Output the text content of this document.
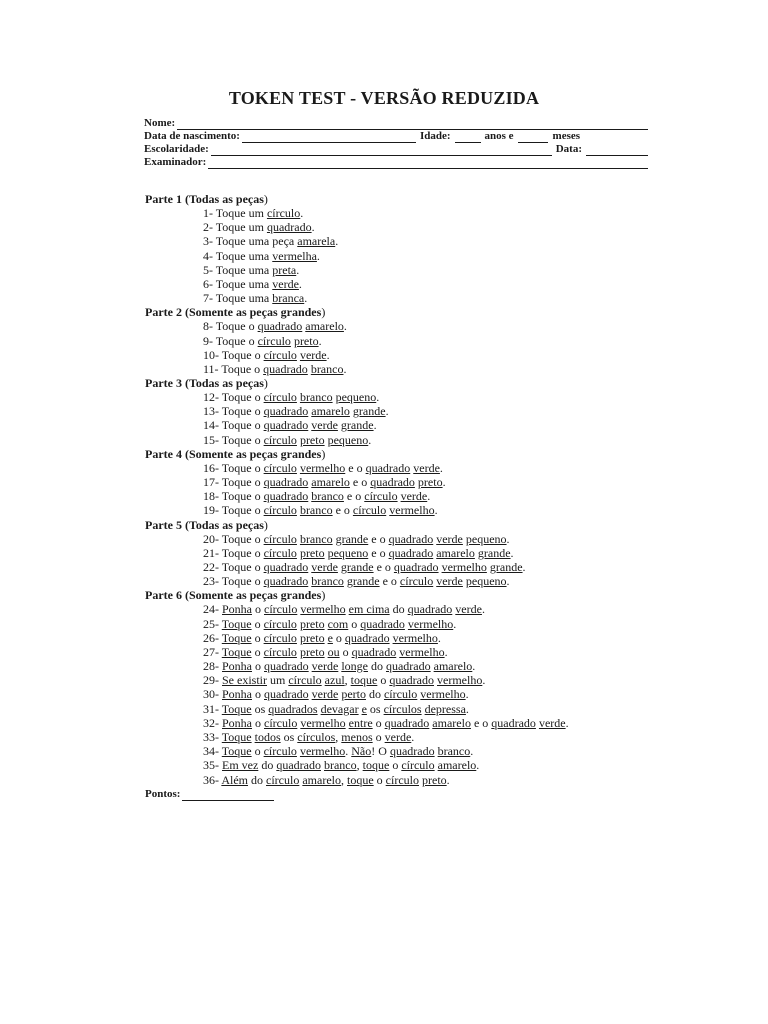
TOKEN TEST - VERSÃO REDUZIDA
Nome:
Data de nascimento:	Idade:	anos e	meses
Escolaridade:	Data:
Examinador:
Parte 1 (Todas as peças)
1- Toque um círculo.
2- Toque um quadrado.
3- Toque uma peça amarela.
4- Toque uma vermelha.
5- Toque uma preta.
6- Toque uma verde.
7- Toque uma branca.
Parte 2 (Somente as peças grandes)
8- Toque o quadrado amarelo.
9- Toque o círculo preto.
10- Toque o círculo verde.
11- Toque o quadrado branco.
Parte 3 (Todas as peças)
12- Toque o círculo branco pequeno.
13- Toque o quadrado amarelo grande.
14- Toque o quadrado verde grande.
15- Toque o círculo preto pequeno.
Parte 4 (Somente as peças grandes)
16- Toque o círculo vermelho e o quadrado verde.
17- Toque o quadrado amarelo e o quadrado preto.
18- Toque o quadrado branco e o círculo verde.
19- Toque o círculo branco e o círculo vermelho.
Parte 5 (Todas as peças)
20- Toque o círculo branco grande e o quadrado verde pequeno.
21- Toque o círculo preto pequeno e o quadrado amarelo grande.
22- Toque o quadrado verde grande e o quadrado vermelho grande.
23- Toque o quadrado branco grande e o círculo verde pequeno.
Parte 6 (Somente as peças grandes)
24- Ponha o círculo vermelho em cima do quadrado verde.
25- Toque o círculo preto com o quadrado vermelho.
26- Toque o círculo preto e o quadrado vermelho.
27- Toque o círculo preto ou o quadrado vermelho.
28- Ponha o quadrado verde longe do quadrado amarelo.
29- Se existir um círculo azul, toque o quadrado vermelho.
30- Ponha o quadrado verde perto do círculo vermelho.
31- Toque os quadrados devagar e os círculos depressa.
32- Ponha o círculo vermelho entre o quadrado amarelo e o quadrado verde.
33- Toque todos os círculos, menos o verde.
34- Toque o círculo vermelho. Não! O quadrado branco.
35- Em vez do quadrado branco, toque o círculo amarelo.
36- Além do círculo amarelo, toque o círculo preto.
Pontos:
